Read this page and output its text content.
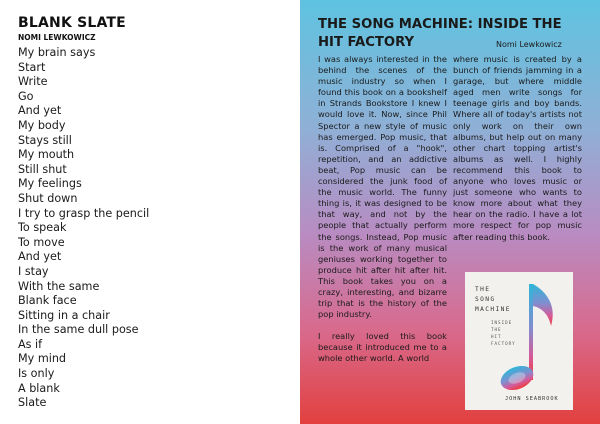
BLANK SLATE

NOMI LEWKOWICZ

My brain says
Start
Write
Go
And yet
My body
Stays still
My mouth
Still shut
My feelings
Shut down
I try to grasp the pencil
To speak
To move
And yet
I stay
With the same
Blank face
Sitting in a chair
In the same dull pose
As if
My mind
Is only
A blank
Slate
THE SONG MACHINE: INSIDE THE HIT FACTORY	Nomi Lewkowicz

I was always interested in the behind the scenes of the music industry so when I found this book on a bookshelf in Strands Bookstore I knew I would love it. Now, since Phil Spector a new style of music has emerged. Pop music, that is. Comprised of a "hook", repetition, and an addictive beat, Pop music can be considered the junk food of the music world. The funny thing is, it was designed to be that way, and not by the people that actually perform the songs. Instead, Pop music is the work of many musical geniuses working together to produce hit after hit after hit. This book takes you on a crazy, interesting, and bizarre trip that is the history of the pop industry.

I really loved this book because it introduced me to a whole other world. A world

where music is created by a bunch of friends jamming in a garage, but where middle aged men write songs for teenage girls and boy bands. Where all of today's artists not only work on their own albums, but help out on many other chart topping artist's albums as well. I highly recommend this book to anyone who loves music or just someone who wants to know more about what they hear on the radio. I have a lot more respect for pop music after reading this book.

THE
SONG
MACHINE
INSIDE
THE
HIT
FACTORY
JOHN SEABROOK
